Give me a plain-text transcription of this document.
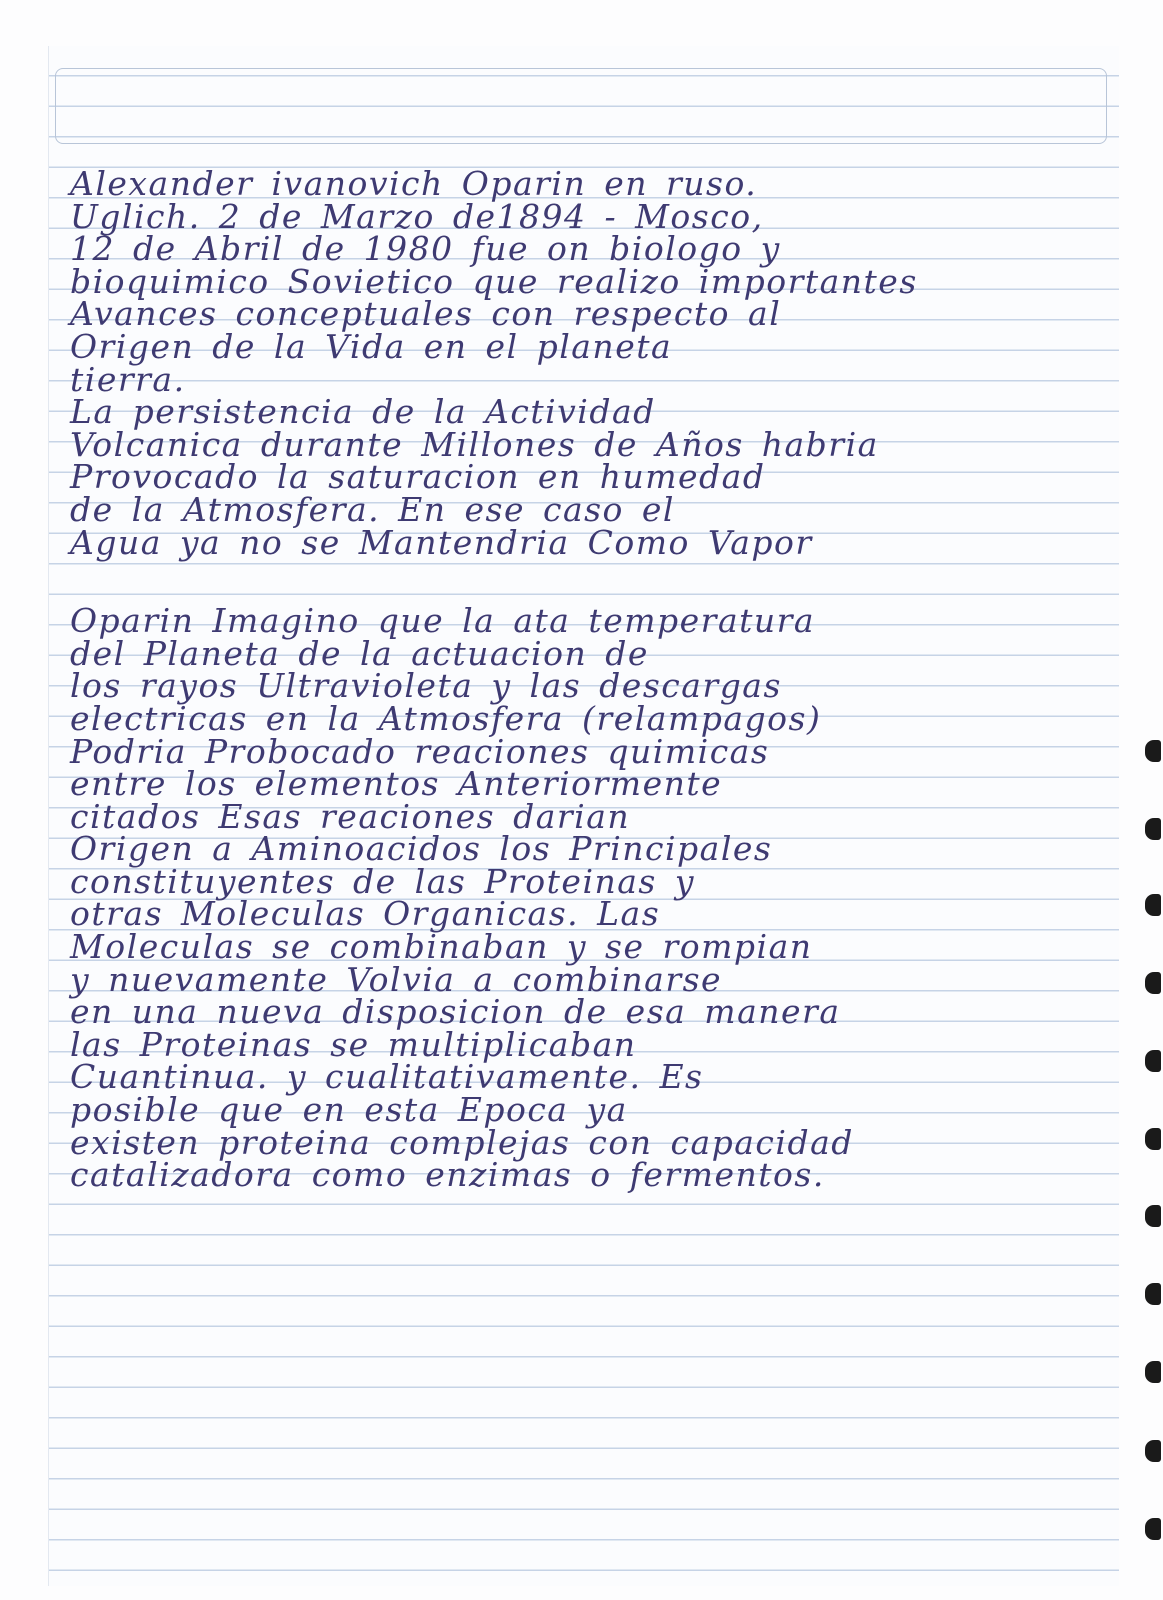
Alexander ivanovich Oparin en ruso.
Uglich. 2 de Marzo de1894 - Mosco,
12 de Abril de 1980 fue on biologo y
bioquimico Sovietico que realizo importantes
Avances conceptuales con respecto al
Origen de la Vida en el planeta
tierra.
La persistencia de la Actividad
Volcanica durante Millones de Años habria
Provocado la saturacion en humedad
de la Atmosfera. En ese caso el
Agua ya no se Mantendria Como Vapor
Oparin Imagino que la ata temperatura
del Planeta de la actuacion de
los rayos Ultravioleta y las descargas
electricas en la Atmosfera (relampagos)
Podria Probocado reaciones quimicas
entre los elementos Anteriormente
citados Esas reaciones darian
Origen a Aminoacidos los Principales
constituyentes de las Proteinas y
otras Moleculas Organicas. Las
Moleculas se combinaban y se rompian
y nuevamente Volvia a combinarse
en una nueva disposicion de esa manera
las Proteinas se multiplicaban
Cuantinua. y cualitativamente. Es
posible que en esta Epoca ya
existen proteina complejas con capacidad
catalizadora como enzimas o fermentos.
